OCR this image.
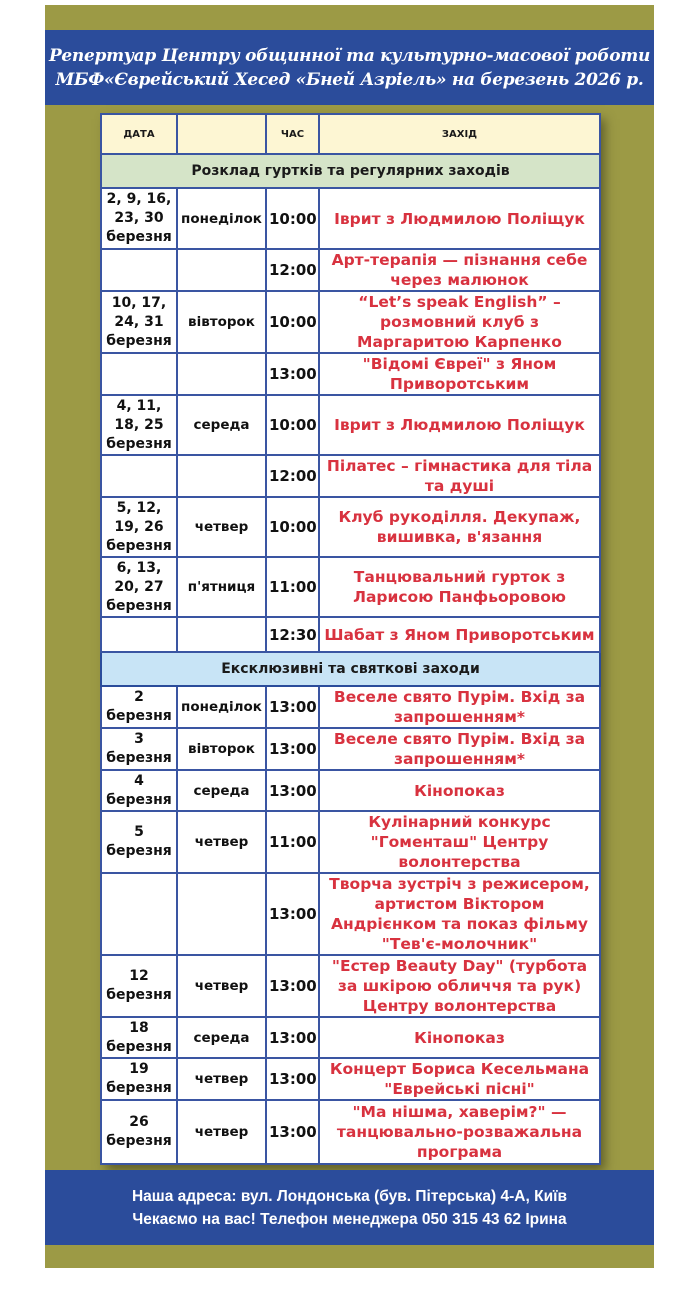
Репертуар Центру общинної та культурно-масової роботи
МБФ«Єврейський Хесед «Бней Азріель» на березень 2026 р.
ДАТА		ЧАС	ЗАХІД
Розклад гуртків та регулярних заходів			
2, 9, 16, 23, 30 березня	понеділок	10:00	Іврит з Людмилою Поліщук
		12:00	Арт-терапія — пізнання себе через малюнок
10, 17, 24, 31 березня	вівторок	10:00	“Let’s speak English” – розмовний клуб з Маргаритою Карпенко
		13:00	"Відомі Євреї" з Яном Приворотським
4, 11, 18, 25 березня	середа	10:00	Іврит з Людмилою Поліщук
		12:00	Пілатес – гімнастика для тіла та душі
5, 12, 19, 26 березня	четвер	10:00	Клуб рукоділля. Декупаж, вишивка, в'язання
6, 13, 20, 27 березня	п'ятниця	11:00	Танцювальний гурток з Ларисою Панфьоровою
		12:30	Шабат з Яном Приворотським
Ексклюзивні та святкові заходи			
2 березня	понеділок	13:00	Веселе свято Пурім. Вхід за запрошенням*
3 березня	вівторок	13:00	Веселе свято Пурім. Вхід за запрошенням*
4 березня	середа	13:00	Кінопоказ
5 березня	четвер	11:00	Кулінарний конкурс "Гоменташ" Центру волонтерства
		13:00	Творча зустріч з режисером, артистом Віктором Андрієнком та показ фільму "Тев'є-молочник"
12 березня	четвер	13:00	"Естер Beauty Day" (турбота за шкірою обличчя та рук) Центру волонтерства
18 березня	середа	13:00	Кінопоказ
19 березня	четвер	13:00	Концерт Бориса Кесельмана "Еврейські пісні"
26 березня	четвер	13:00	"Ма нішма, хаверім?" — танцювально-розважальна програма
Наша адреса: вул. Лондонська (був. Пітерська) 4-А, Київ
Чекаємо на вас! Телефон менеджера 050 315 43 62 Ірина
